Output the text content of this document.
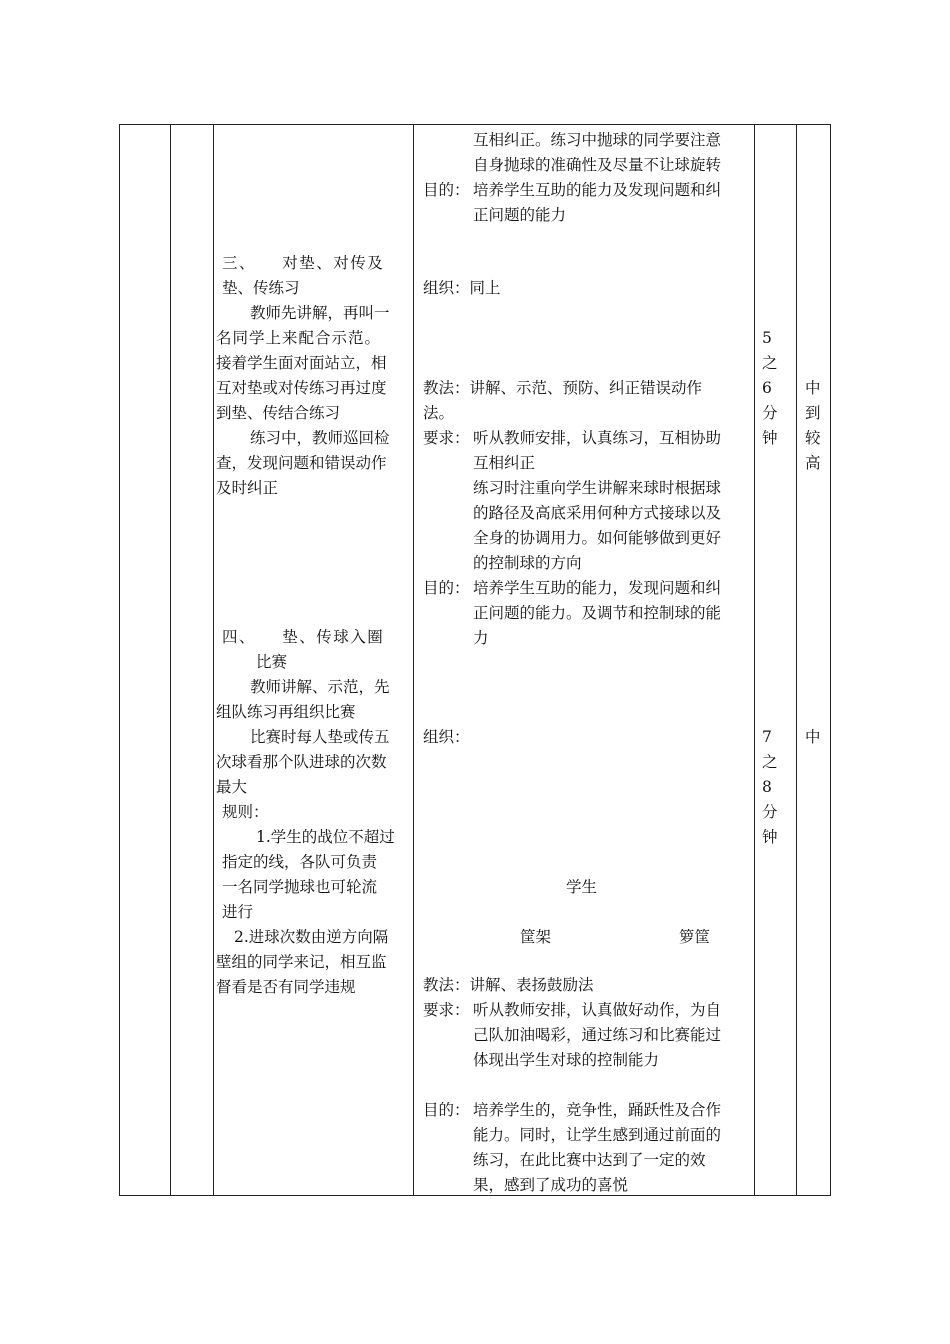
三、　　对垫、对传及
垫、传练习
教师先讲解，再叫一
名同学上来配合示范。
接着学生面对面站立，相
互对垫或对传练习再过度
到垫、传结合练习
练习中，教师巡回检
查，发现问题和错误动作
及时纠正
四、　　垫、传球入圈
比赛
教师讲解、示范，先
组队练习再组织比赛
比赛时每人垫或传五
次球看那个队进球的次数
最大
规则：
1.学生的战位不超过
指定的线，各队可负责
一名同学抛球也可轮流
进行
2.进球次数由逆方向隔
壁组的同学来记，相互监
督看是否有同学违规
互相纠正。练习中抛球的同学要注意
自身抛球的准确性及尽量不让球旋转
目的： 培养学生互助的能力及发现问题和纠
正问题的能力
组织：同上
教法：讲解、示范、预防、纠正错误动作
法。
要求： 听从教师安排，认真练习，互相协助
互相纠正
练习时注重向学生讲解来球时根据球
的路径及高底采用何种方式接球以及
全身的协调用力。如何能够做到更好
的控制球的方向
目的： 培养学生互助的能力，发现问题和纠
正问题的能力。及调节和控制球的能
力
组织：
学生
筐架	箩筐
教法：讲解、表扬鼓励法
要求： 听从教师安排，认真做好动作，为自
己队加油喝彩，通过练习和比赛能过
体现出学生对球的控制能力
目的： 培养学生的，竞争性，踊跃性及合作
能力。同时，让学生感到通过前面的
练习，在此比赛中达到了一定的效
果，感到了成功的喜悦
5
之
6
分
钟
7
之
8
分
钟
中
到
较
高
中
